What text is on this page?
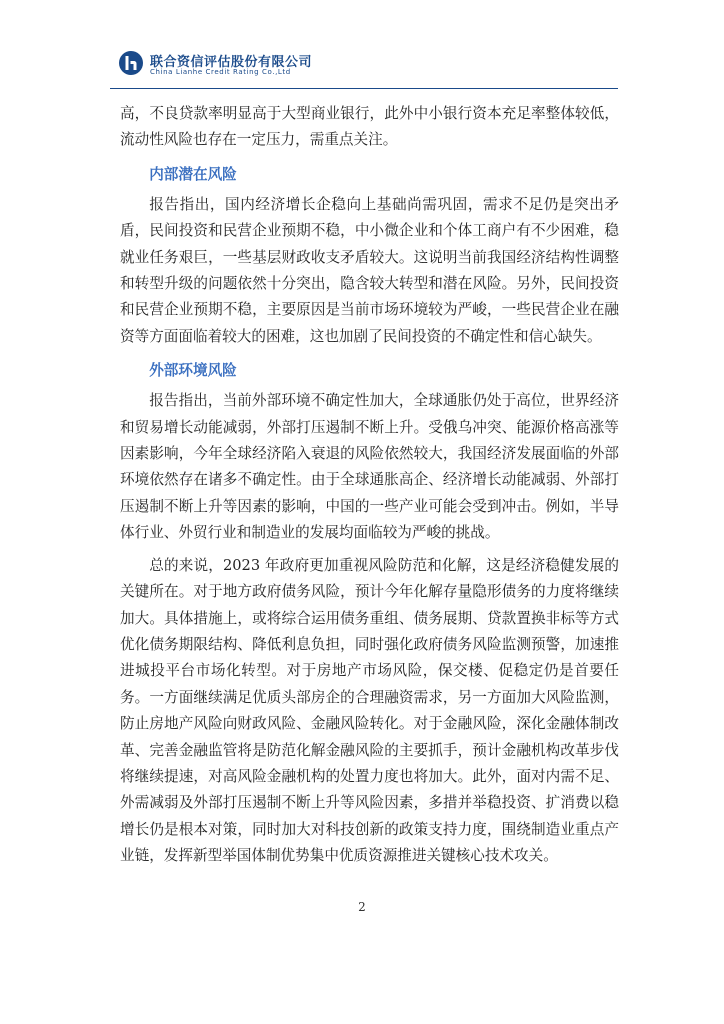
联合资信评估股份有限公司
China Lianhe Credit Rating Co.,Ltd

高，不良贷款率明显高于大型商业银行，此外中小银行资本充足率整体较低，流动性风险也存在一定压力，需重点关注。

内部潜在风险

报告指出，国内经济增长企稳向上基础尚需巩固，需求不足仍是突出矛盾，民间投资和民营企业预期不稳，中小微企业和个体工商户有不少困难，稳就业任务艰巨，一些基层财政收支矛盾较大。这说明当前我国经济结构性调整和转型升级的问题依然十分突出，隐含较大转型和潜在风险。另外，民间投资和民营企业预期不稳，主要原因是当前市场环境较为严峻，一些民营企业在融资等方面面临着较大的困难，这也加剧了民间投资的不确定性和信心缺失。

外部环境风险

报告指出，当前外部环境不确定性加大，全球通胀仍处于高位，世界经济和贸易增长动能减弱，外部打压遏制不断上升。受俄乌冲突、能源价格高涨等因素影响，今年全球经济陷入衰退的风险依然较大，我国经济发展面临的外部环境依然存在诸多不确定性。由于全球通胀高企、经济增长动能减弱、外部打压遏制不断上升等因素的影响，中国的一些产业可能会受到冲击。例如，半导体行业、外贸行业和制造业的发展均面临较为严峻的挑战。

总的来说，2023 年政府更加重视风险防范和化解，这是经济稳健发展的关键所在。对于地方政府债务风险，预计今年化解存量隐形债务的力度将继续加大。具体措施上，或将综合运用债务重组、债务展期、贷款置换非标等方式优化债务期限结构、降低利息负担，同时强化政府债务风险监测预警，加速推进城投平台市场化转型。对于房地产市场风险，保交楼、促稳定仍是首要任务。一方面继续满足优质头部房企的合理融资需求，另一方面加大风险监测，防止房地产风险向财政风险、金融风险转化。对于金融风险，深化金融体制改革、完善金融监管将是防范化解金融风险的主要抓手，预计金融机构改革步伐将继续提速，对高风险金融机构的处置力度也将加大。此外，面对内需不足、外需减弱及外部打压遏制不断上升等风险因素，多措并举稳投资、扩消费以稳增长仍是根本对策，同时加大对科技创新的政策支持力度，围绕制造业重点产业链，发挥新型举国体制优势集中优质资源推进关键核心技术攻关。

2
